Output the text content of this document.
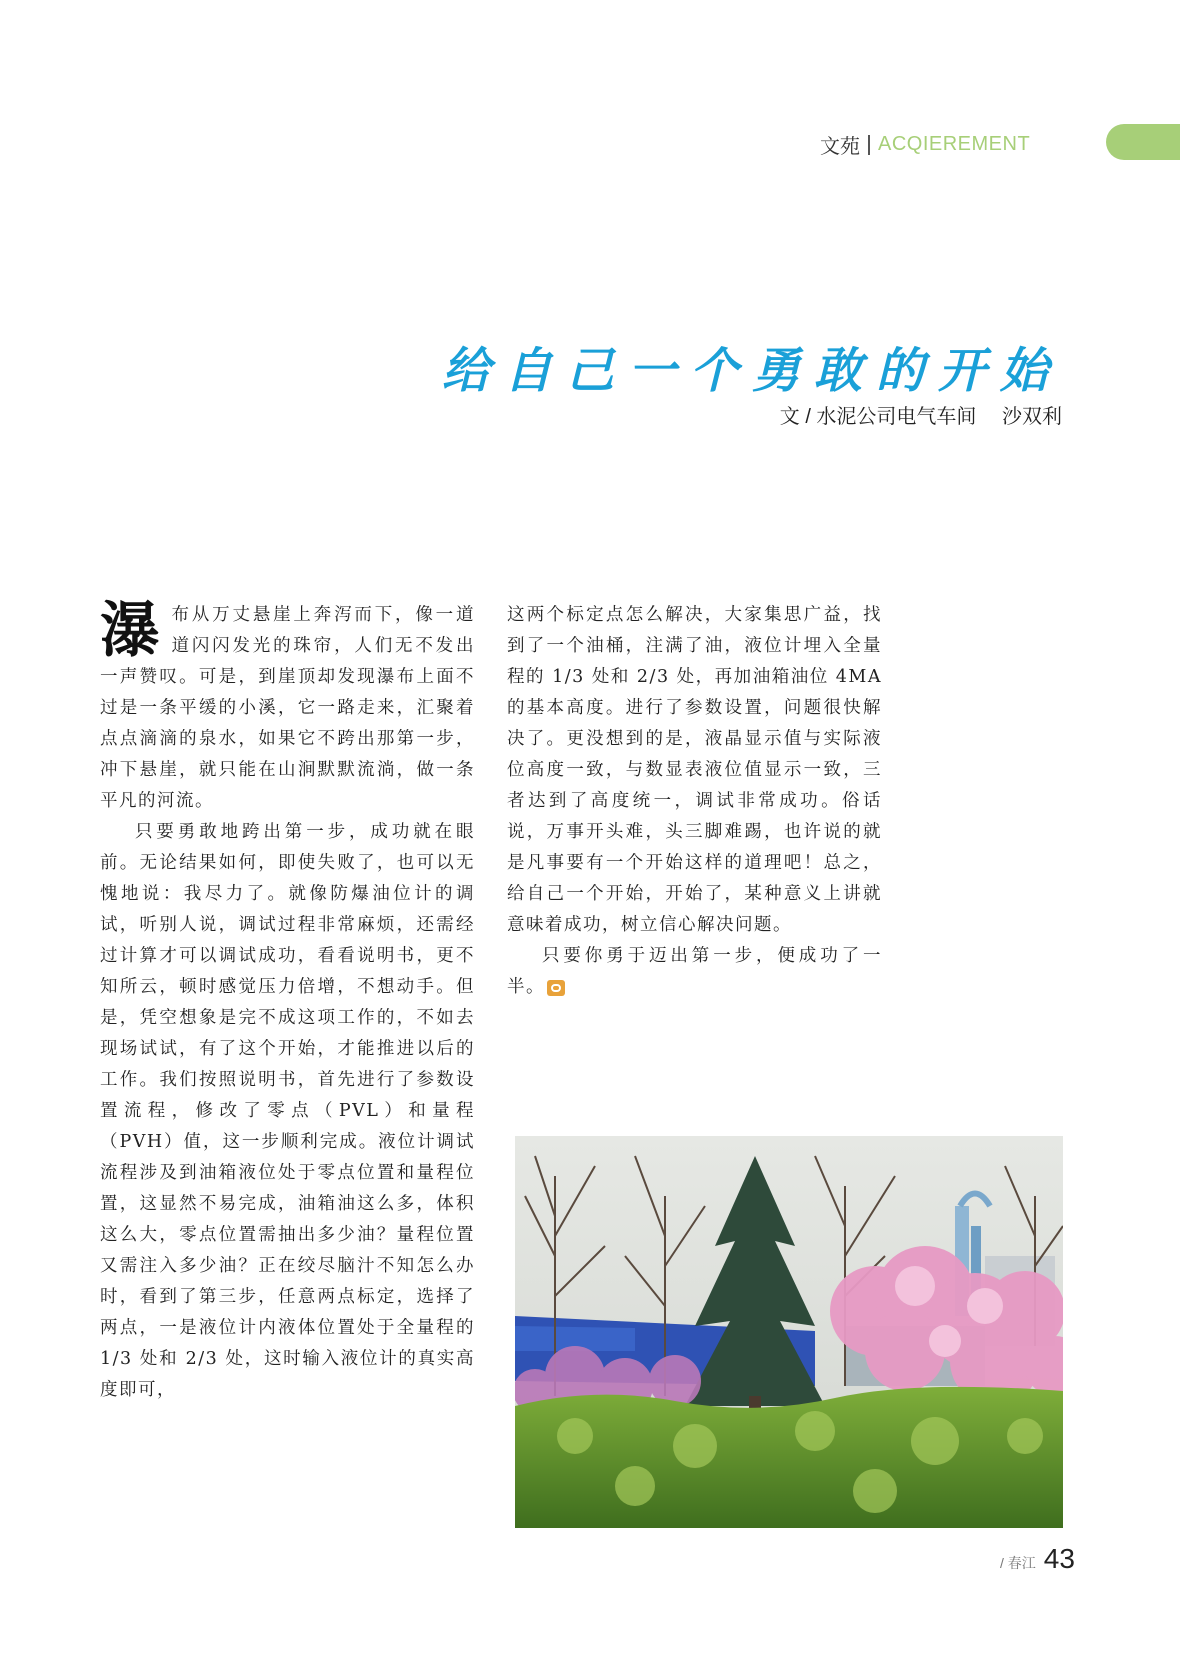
文苑 ACQIEREMENT
给自己一个勇敢的开始
文 / 水泥公司电气车间　 沙双利

瀑布从万丈悬崖上奔泻而下，像一道道闪闪发光的珠帘，人们无不发出一声赞叹。可是，到崖顶却发现瀑布上面不过是一条平缓的小溪，它一路走来，汇聚着点点滴滴的泉水，如果它不跨出那第一步，冲下悬崖，就只能在山涧默默流淌，做一条平凡的河流。

只要勇敢地跨出第一步，成功就在眼前。无论结果如何，即使失败了，也可以无愧地说：我尽力了。就像防爆油位计的调试，听别人说，调试过程非常麻烦，还需经过计算才可以调试成功，看看说明书，更不知所云，顿时感觉压力倍增，不想动手。但是，凭空想象是完不成这项工作的，不如去现场试试，有了这个开始，才能推进以后的工作。我们按照说明书，首先进行了参数设置流程，修改了零点（PVL）和量程（PVH）值，这一步顺利完成。液位计调试流程涉及到油箱液位处于零点位置和量程位置，这显然不易完成，油箱油这么多，体积这么大，零点位置需抽出多少油？量程位置又需注入多少油？正在绞尽脑汁不知怎么办时，看到了第三步，任意两点标定，选择了两点，一是液位计内液体位置处于全量程的 1/3 处和 2/3 处，这时输入液位计的真实高度即可，

这两个标定点怎么解决，大家集思广益，找到了一个油桶，注满了油，液位计埋入全量程的 1/3 处和 2/3 处，再加油箱油位 4MA 的基本高度。进行了参数设置，问题很快解决了。更没想到的是，液晶显示值与实际液位高度一致，与数显表液位值显示一致，三者达到了高度统一，调试非常成功。俗话说，万事开头难，头三脚难踢，也许说的就是凡事要有一个开始这样的道理吧！总之，给自己一个开始，开始了，某种意义上讲就意味着成功，树立信心解决问题。

只要你勇于迈出第一步，便成功了一半。

/ 春江 43
